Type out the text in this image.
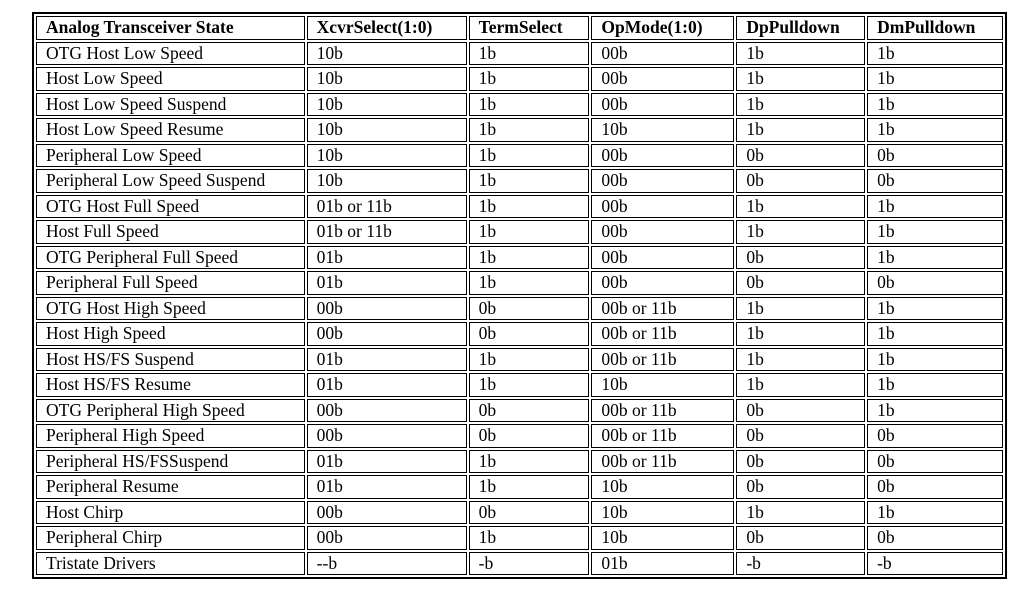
Analog Transceiver State	XcvrSelect(1:0)	TermSelect	OpMode(1:0)	DpPulldown	DmPulldown
OTG Host Low Speed	10b	1b	00b	1b	1b
Host Low Speed	10b	1b	00b	1b	1b
Host Low Speed Suspend	10b	1b	00b	1b	1b
Host Low Speed Resume	10b	1b	10b	1b	1b
Peripheral Low Speed	10b	1b	00b	0b	0b
Peripheral Low Speed Suspend	10b	1b	00b	0b	0b
OTG Host Full Speed	01b or 11b	1b	00b	1b	1b
Host Full Speed	01b or 11b	1b	00b	1b	1b
OTG Peripheral Full Speed	01b	1b	00b	0b	1b
Peripheral Full Speed	01b	1b	00b	0b	0b
OTG Host High Speed	00b	0b	00b or 11b	1b	1b
Host High Speed	00b	0b	00b or 11b	1b	1b
Host HS/FS Suspend	01b	1b	00b or 11b	1b	1b
Host HS/FS Resume	01b	1b	10b	1b	1b
OTG Peripheral High Speed	00b	0b	00b or 11b	0b	1b
Peripheral High Speed	00b	0b	00b or 11b	0b	0b
Peripheral HS/FSSuspend	01b	1b	00b or 11b	0b	0b
Peripheral Resume	01b	1b	10b	0b	0b
Host Chirp	00b	0b	10b	1b	1b
Peripheral Chirp	00b	1b	10b	0b	0b
Tristate Drivers	--b	-b	01b	-b	-b
